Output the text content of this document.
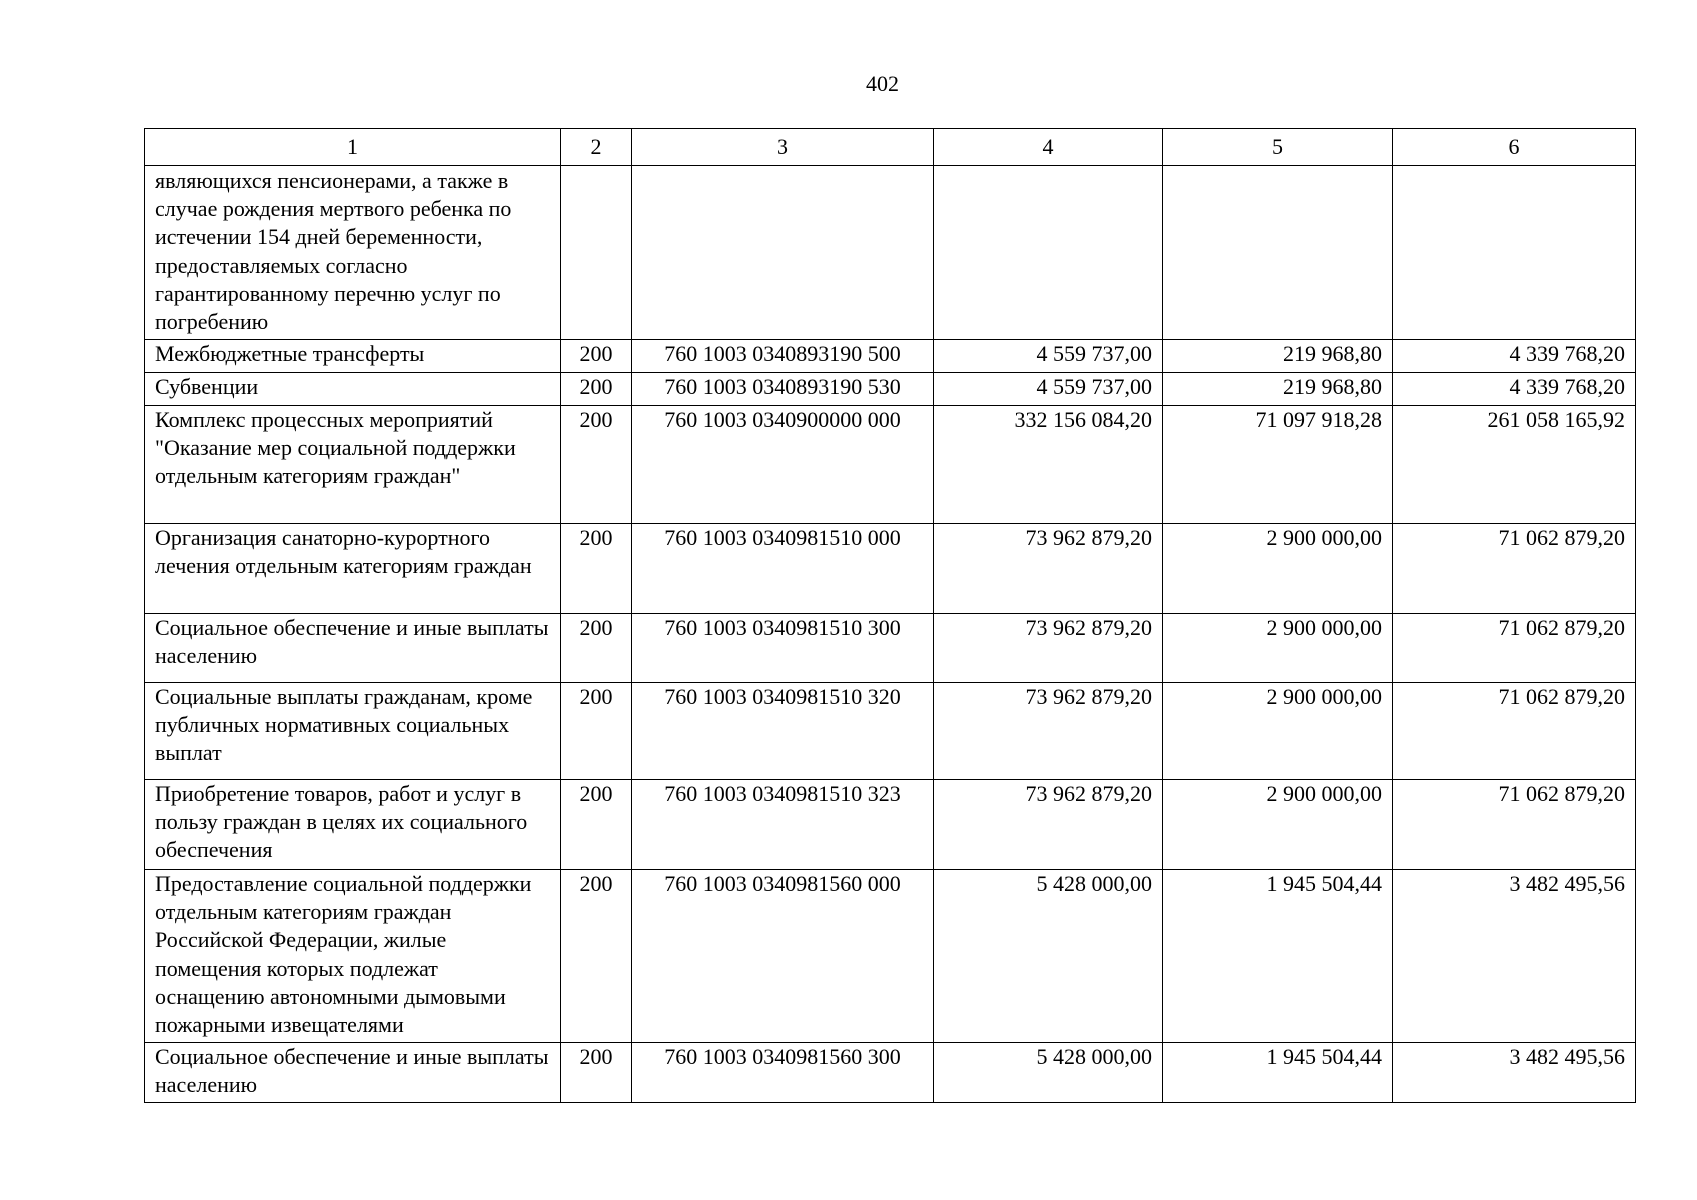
402
1	2	3	4	5	6
являющихся пенсионерами, а также в случае рождения мертвого ребенка по истечении 154 дней беременности, предоставляемых согласно гарантированному перечню услуг по погребению					
Межбюджетные трансферты	200	760 1003 0340893190 500	4 559 737,00	219 968,80	4 339 768,20
Субвенции	200	760 1003 0340893190 530	4 559 737,00	219 968,80	4 339 768,20
Комплекс процессных мероприятий "Оказание мер социальной поддержки отдельным категориям граждан"	200	760 1003 0340900000 000	332 156 084,20	71 097 918,28	261 058 165,92
Организация санаторно-курортного лечения отдельным категориям граждан	200	760 1003 0340981510 000	73 962 879,20	2 900 000,00	71 062 879,20
Социальное обеспечение и иные выплаты населению	200	760 1003 0340981510 300	73 962 879,20	2 900 000,00	71 062 879,20
Социальные выплаты гражданам, кроме публичных нормативных социальных выплат	200	760 1003 0340981510 320	73 962 879,20	2 900 000,00	71 062 879,20
Приобретение товаров, работ и услуг в пользу граждан в целях их социального обеспечения	200	760 1003 0340981510 323	73 962 879,20	2 900 000,00	71 062 879,20
Предоставление социальной поддержки отдельным категориям граждан Российской Федерации, жилые помещения которых подлежат оснащению автономными дымовыми пожарными извещателями	200	760 1003 0340981560 000	5 428 000,00	1 945 504,44	3 482 495,56
Социальное обеспечение и иные выплаты населению	200	760 1003 0340981560 300	5 428 000,00	1 945 504,44	3 482 495,56
